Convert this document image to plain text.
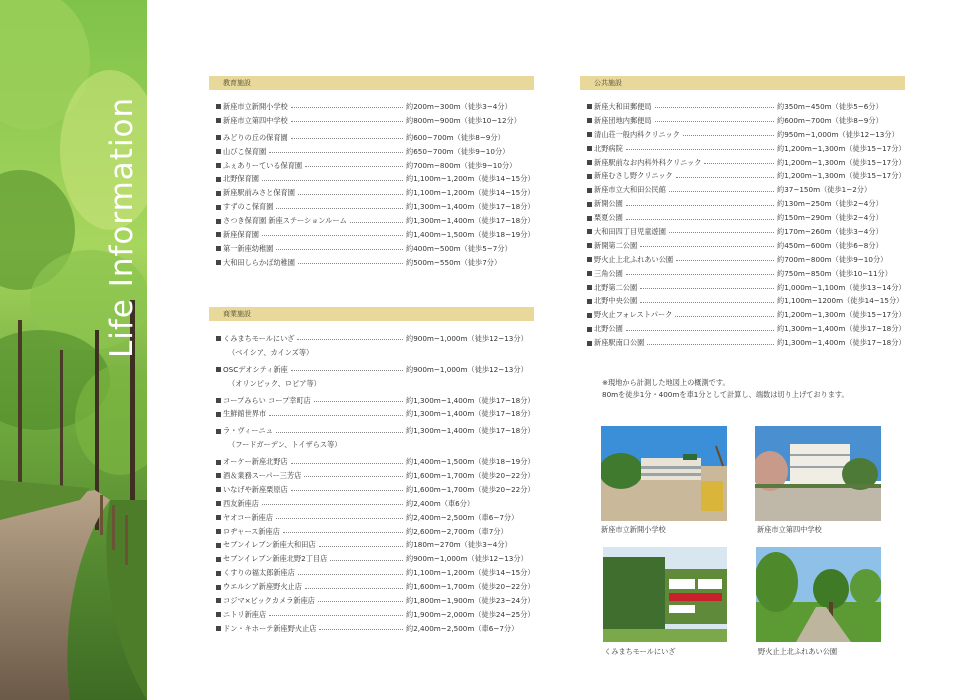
Life Information
教育施設
新座市立新開小学校	約200m~300m（徒歩3~4分）
新座市立第四中学校	約800m~900m（徒歩10~12分）
みどりの丘の保育園	約600~700m（徒歩8~9分）
山びこ保育園	約650~700m（徒歩9~10分）
ふぇありーている保育園	約700m~800m（徒歩9~10分）
北野保育園	約1,100m~1,200m（徒歩14~15分）
新座駅前みさと保育園	約1,100m~1,200m（徒歩14~15分）
すずのこ保育園	約1,300m~1,400m（徒歩17~18分）
さつき保育園 新座ステーションルーム	約1,300m~1,400m（徒歩17~18分）
新座保育園	約1,400m~1,500m（徒歩18~19分）
第一新座幼稚園	約400m~500m（徒歩5~7分）
大和田しらかば幼稚園	約500m~550m（徒歩7分）
商業施設
くみまちモールにいざ	約900m~1,000m（徒歩12~13分）
（ベイシア、カインズ等）
OSCデオシティ新座	約900m~1,000m（徒歩12~13分）
（オリンピック、ロピア等）
コープみらい コープ幸町店	約1,300m~1,400m（徒歩17~18分）
生鮮館世界市	約1,300m~1,400m（徒歩17~18分）
ラ・ヴィーニュ	約1,300m~1,400m（徒歩17~18分）
（フードガーデン、トイザらス等）
オーケー新座北野店	約1,400m~1,500m（徒歩18~19分）
酒＆業務スーパー三芳店	約1,600m~1,700m（徒歩20~22分）
いなげや新座栗原店	約1,600m~1,700m（徒歩20~22分）
西友新座店	約2,400m（車6分）
ヤオコー新座店	約2,400m~2,500m（車6~7分）
ロヂャース新座店	約2,600m~2,700m（車7分）
セブンイレブン新座大和田店	約180m~270m（徒歩3~4分）
セブンイレブン新座北野2丁目店	約900m~1,000m（徒歩12~13分）
くすりの福太郎新座店	約1,100m~1,200m（徒歩14~15分）
ウエルシア新座野火止店	約1,600m~1,700m（徒歩20~22分）
コジマ×ビックカメラ新座店	約1,800m~1,900m（徒歩23~24分）
ニトリ新座店	約1,900m~2,000m（徒歩24~25分）
ドン・キホーテ新座野火止店	約2,400m~2,500m（車6~7分）
公共施設
新座大和田郵便局	約350m~450m（徒歩5~6分）
新座団地内郵便局	約600m~700m（徒歩8~9分）
清山荘一般内科クリニック	約950m~1,000m（徒歩12~13分）
北野病院	約1,200m~1,300m（徒歩15~17分）
新座駅前なお内科外科クリニック	約1,200m~1,300m（徒歩15~17分）
新座むさし野クリニック	約1,200m~1,300m（徒歩15~17分）
新座市立大和田公民館	約37~150m（徒歩1~2分）
新開公園	約130m~250m（徒歩2~4分）
栗夏公園	約150m~290m（徒歩2~4分）
大和田四丁目児童遊園	約170m~260m（徒歩3~4分）
新開第二公園	約450m~600m（徒歩6~8分）
野火止上北ふれあい公園	約700m~800m（徒歩9~10分）
三角公園	約750m~850m（徒歩10~11分）
北野第二公園	約1,000m~1,100m（徒歩13~14分）
北野中央公園	約1,100m~1200m（徒歩14~15分）
野火止フォレストパーク	約1,200m~1,300m（徒歩15~17分）
北野公園	約1,300m~1,400m（徒歩17~18分）
新座駅南口公園	約1,300m~1,400m（徒歩17~18分）
※現地から計測した地図上の概測です。
80mを徒歩1分・400mを車1分として計算し、端数は切り上げております。
新座市立新開小学校	新座市立第四中学校
くみまちモールにいざ	野火止上北ふれあい公園
